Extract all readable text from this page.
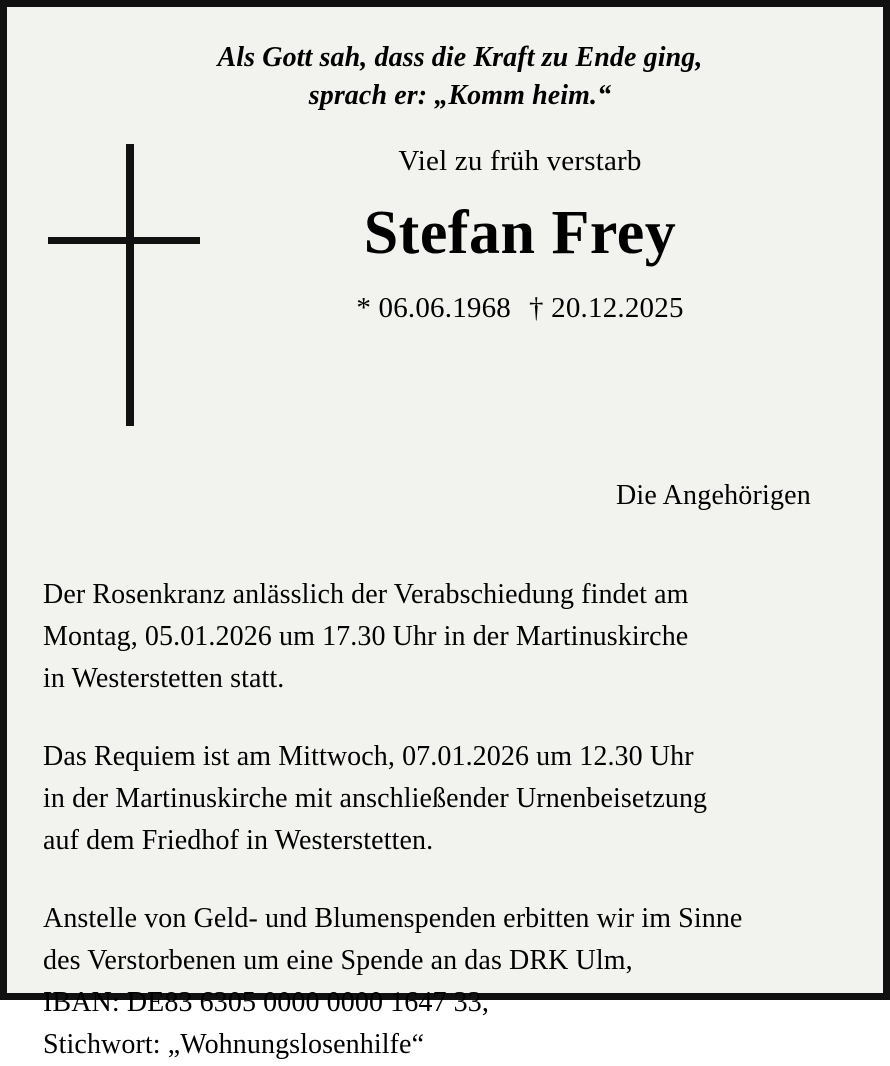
Als Gott sah, dass die Kraft zu Ende ging,
sprach er: „Komm heim.“
Viel zu früh verstarb
Stefan Frey
* 06.06.1968 † 20.12.2025
Die Angehörigen

Der Rosenkranz anlässlich der Verabschiedung findet am
Montag, 05.01.2026 um 17.30 Uhr in der Martinuskirche
in Westerstetten statt.

Das Requiem ist am Mittwoch, 07.01.2026 um 12.30 Uhr
in der Martinuskirche mit anschließender Urnenbeisetzung
auf dem Friedhof in Westerstetten.

Anstelle von Geld- und Blumenspenden erbitten wir im Sinne
des Verstorbenen um eine Spende an das DRK Ulm,
IBAN: DE83 6305 0000 0000 1647 33,
Stichwort: „Wohnungslosenhilfe“
